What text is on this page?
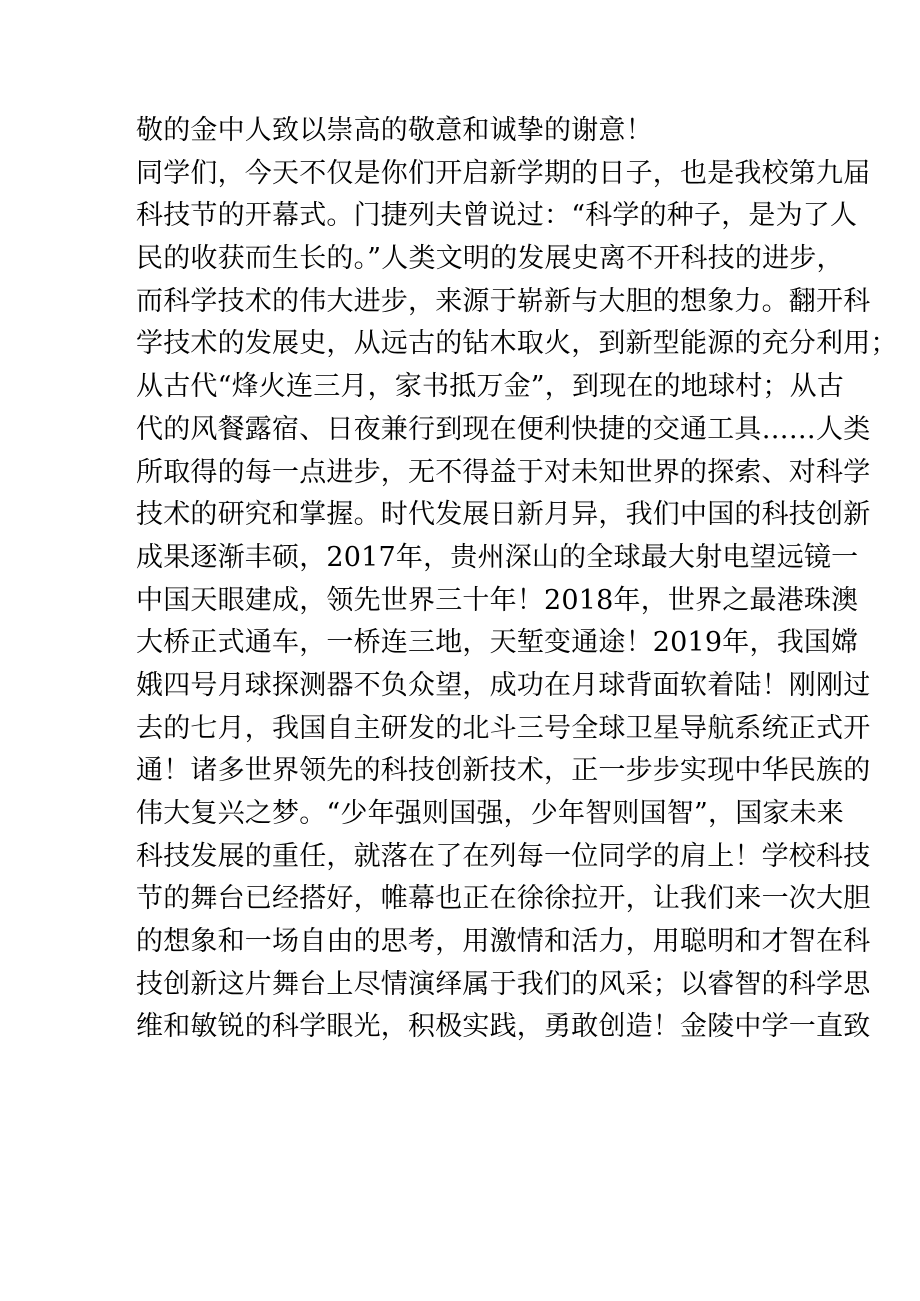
敬的金中人致以崇高的敬意和诚挚的谢意！
同学们，今天不仅是你们开启新学期的日子，也是我校第九届
科技节的开幕式。门捷列夫曾说过：“科学的种子，是为了人
民的收获而生长的。”人类文明的发展史离不开科技的进步，
而科学技术的伟大进步，来源于崭新与大胆的想象力。翻开科
学技术的发展史，从远古的钻木取火，到新型能源的充分利用；
从古代“烽火连三月，家书抵万金”，到现在的地球村；从古
代的风餐露宿、日夜兼行到现在便利快捷的交通工具……人类
所取得的每一点进步，无不得益于对未知世界的探索、对科学
技术的研究和掌握。时代发展日新月异，我们中国的科技创新
成果逐渐丰硕，2017年，贵州深山的全球最大射电望远镜一
中国天眼建成，领先世界三十年！2018年，世界之最港珠澳
大桥正式通车，一桥连三地，天堑变通途！2019年，我国嫦
娥四号月球探测器不负众望，成功在月球背面软着陆！刚刚过
去的七月，我国自主研发的北斗三号全球卫星导航系统正式开
通！诸多世界领先的科技创新技术，正一步步实现中华民族的
伟大复兴之梦。“少年强则国强，少年智则国智”，国家未来
科技发展的重任，就落在了在列每一位同学的肩上！学校科技
节的舞台已经搭好，帷幕也正在徐徐拉开，让我们来一次大胆
的想象和一场自由的思考，用激情和活力，用聪明和才智在科
技创新这片舞台上尽情演绎属于我们的风采；以睿智的科学思
维和敏锐的科学眼光，积极实践，勇敢创造！金陵中学一直致
